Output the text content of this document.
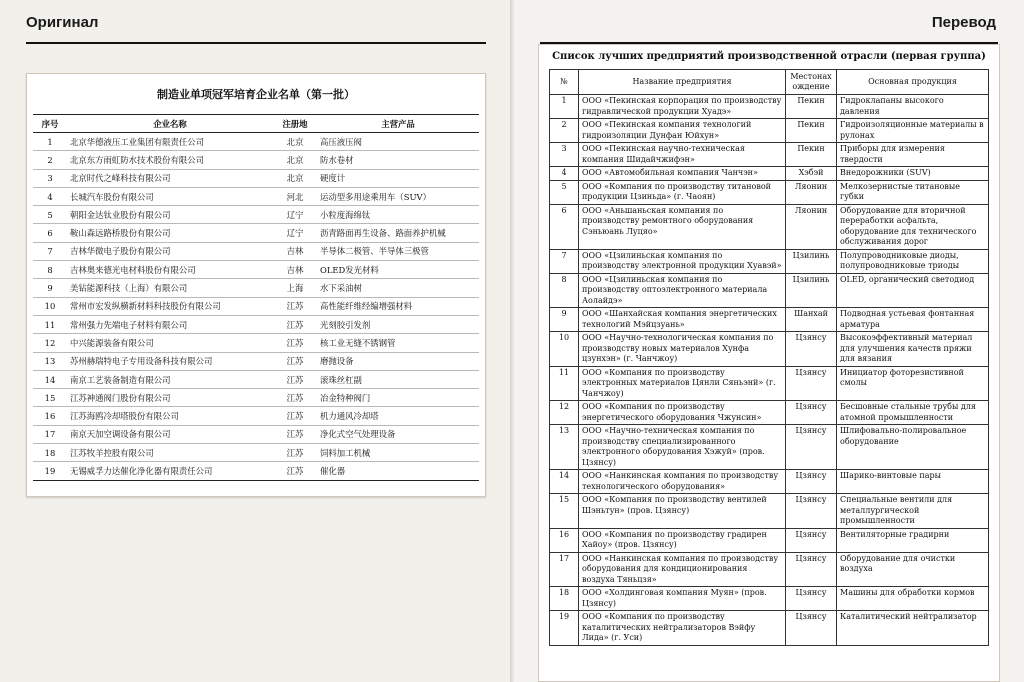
Оригинал	Перевод
制造业单项冠军培育企业名单（第一批）
序号	企业名称	注册地	主营产品
1	北京华德液压工业集团有限责任公司	北京	高压液压阀
2	北京东方雨虹防水技术股份有限公司	北京	防水卷材
3	北京时代之峰科技有限公司	北京	硬度计
4	长城汽车股份有限公司	河北	运动型多用途乘用车（SUV）
5	朝阳金达钛业股份有限公司	辽宁	小粒度海绵钛
6	鞍山森远路桥股份有限公司	辽宁	沥青路面再生设备、路面养护机械
7	吉林华微电子股份有限公司	吉林	半导体二极管、半导体三极管
8	吉林奥来德光电材料股份有限公司	吉林	OLED发光材料
9	美钻能源科技（上海）有限公司	上海	水下采油树
10	常州市宏发纵横新材料科技股份有限公司	江苏	高性能纤维经编增强材料
11	常州强力先端电子材料有限公司	江苏	光刻胶引发剂
12	中兴能源装备有限公司	江苏	核工业无缝不锈钢管
13	苏州赫瑞特电子专用设备科技有限公司	江苏	磨抛设备
14	南京工艺装备制造有限公司	江苏	滚珠丝杠副
15	江苏神通阀门股份有限公司	江苏	冶金特种阀门
16	江苏海鸥冷却塔股份有限公司	江苏	机力通风冷却塔
17	南京天加空调设备有限公司	江苏	净化式空气处理设备
18	江苏牧羊控股有限公司	江苏	饲料加工机械
19	无锡威孚力达催化净化器有限责任公司	江苏	催化器
Список лучших предприятий производственной отрасли (первая группа)
№	Название предприятия	Местонах ождение	Основная продукция
1	ООО «Пекинская корпорация по производству гидравлической продукции Хуадэ»	Пекин	Гидроклапаны высокого давления
2	ООО «Пекинская компания технологий гидроизоляции Дунфан Юйхун»	Пекин	Гидроизоляционные материалы в рулонах
3	ООО «Пекинская научно-техническая компания Шидайчжифэн»	Пекин	Приборы для измерения твердости
4	ООО «Автомобильная компания Чанчэн»	Хэбэй	Внедорожники (SUV)
5	ООО «Компания по производству титановой продукции Цзиньда» (г. Чаоян)	Ляонин	Мелкозернистые титановые губки
6	ООО «Аньшаньская компания по производству ремонтного оборудования Сэньюань Луцяо»	Ляонин	Оборудование для вторичной переработки асфальта, оборудование для технического обслуживания дорог
7	ООО «Цзилиньская компания по производству электронной продукции Хуавэй»	Цзилинь	Полупроводниковые диоды, полупроводниковые триоды
8	ООО «Цзилиньская компания по производству оптоэлектронного материала Аолайдэ»	Цзилинь	OLED, органический светодиод
9	ООО «Шанхайская компания энергетических технологий Мэйцзуань»	Шанхай	Подводная устьевая фонтанная арматура
10	ООО «Научно-технологическая компания по производству новых материалов Хунфа цзунхэн» (г. Чанчжоу)	Цзянсу	Высокоэффективный материал для улучшения качеств пряжи для вязания
11	ООО «Компания по производству электронных материалов Цянли Сяньэнй» (г. Чанчжоу)	Цзянсу	Инициатор фоторезистивной смолы
12	ООО «Компания по производству энергетического оборудования Чжунсин»	Цзянсу	Бесшовные стальные трубы для атомной промышленности
13	ООО «Научно-техническая компания по производству специализированного электронного оборудования Хэжуй» (пров. Цзянсу)	Цзянсу	Шлифовально-полировальное оборудование
14	ООО «Нанкинская компания по производству технологического оборудования»	Цзянсу	Шарико-винтовые пары
15	ООО «Компания по производству вентилей Шэньтун» (пров. Цзянсу)	Цзянсу	Специальные вентили для металлургической промышленности
16	ООО «Компания по производству градирен Хайоу» (пров. Цзянсу)	Цзянсу	Вентиляторные градирни
17	ООО «Нанкинская компания по производству оборудования для кондиционирования воздуха Тяньцзя»	Цзянсу	Оборудование для очистки воздуха
18	ООО «Холдинговая компания Муян» (пров. Цзянсу)	Цзянсу	Машины для обработки кормов
19	ООО «Компания по производству каталитических нейтрализаторов Вэйфу Лида» (г. Уси)	Цзянсу	Каталитический нейтрализатор
